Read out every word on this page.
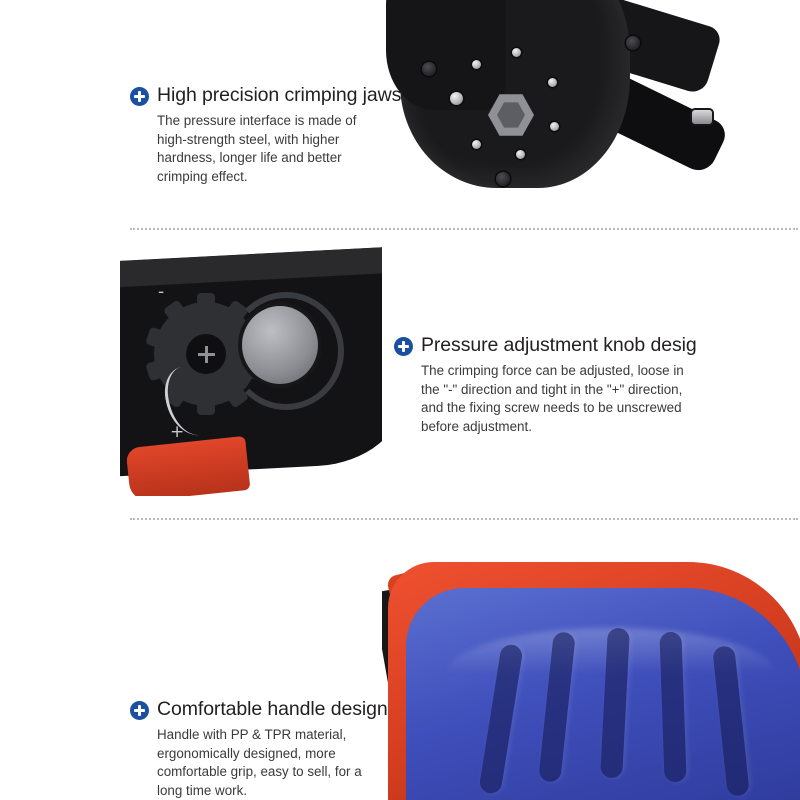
High precision crimping jaws
The pressure interface is made of high-strength steel, with higher hardness, longer life and better crimping effect.
-
+
Pressure adjustment knob desig
The crimping force can be adjusted, loose in the "-" direction and tight in the "+" direction, and the fixing screw needs to be unscrewed before adjustment.
Comfortable handle design
Handle with PP & TPR material, ergonomically designed, more comfortable grip, easy to sell, for a long time work.
